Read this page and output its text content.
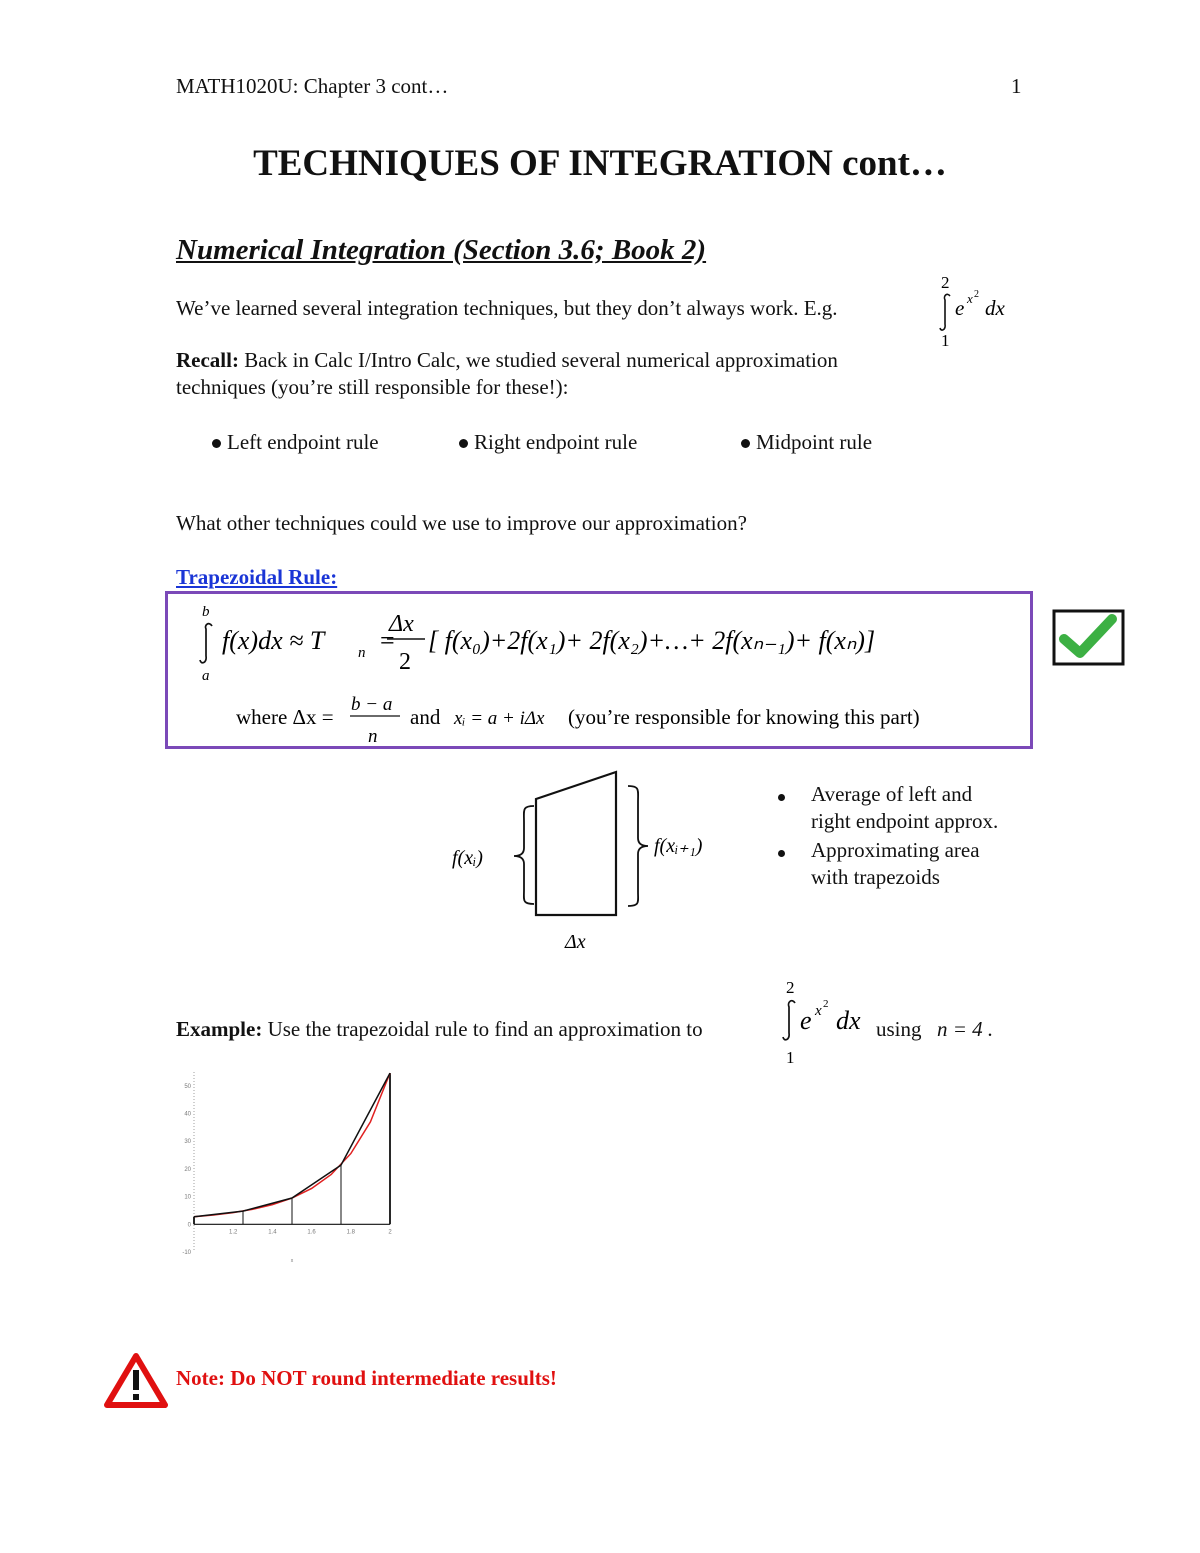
MATH1020U: Chapter 3 cont…	1
TECHNIQUES OF INTEGRATION cont…
Numerical Integration (Section 3.6; Book 2)
We’ve learned several integration techniques, but they don’t always work. E.g.
2
1
e x 2
dx
Recall: Back in Calc I/Intro Calc, we studied several numerical approximation
techniques (you’re still responsible for these!):
Left endpoint rule	Right endpoint rule	Midpoint rule
What other techniques could we use to improve our approximation?
Trapezoidal Rule:
b
a
f(x)dx ≈ T n =
Δx
2
[ f(x₀)+2f(x₁)+ 2f(x₂)+…+ 2f(xₙ₋₁)+ f(xₙ)]
where Δx =
b − a
n
and xᵢ = a + iΔx (you’re responsible for knowing this part)
f(xᵢ)
f(xᵢ₊₁)
Δx
Average of left and
right endpoint approx.
Approximating area
with trapezoids
Example: Use the trapezoidal rule to find an approximation to
2
1
e x 2
dx using n = 4 .
-10
0
10
20
30
40
50
1.2	1.4	1.6	1.8	2
x
Note: Do NOT round intermediate results!
